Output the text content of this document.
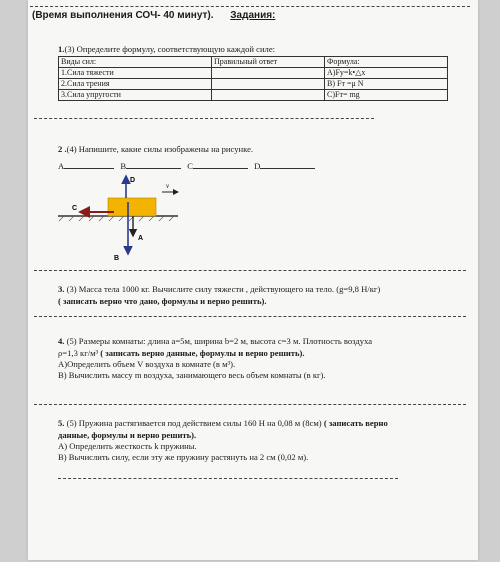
(Время выполнения СОЧ- 40 минут). Задания:
1.(3) Определите формулу, соответствующую каждой силе:
Виды сил:	Правильный ответ	Формула:
1.Сила тяжести		А)Fу=k•△x
2.Сила трения		В) Fт =μ N
3.Сила упругости		С)Fт= mg
2 .(4) Напишите, какие силы изображены на рисунке.
А	В	С	D
D
C
B
A
v
3. (3) Масса тела 1000 кг. Вычислите силу тяжести , действующего на тело. (g=9,8 Н/кг)
( записать верно что дано, формулы и верно решить).
4. (5) Размеры комнаты: длина а=5м, ширина b=2 м, высота с=3 м. Плотность воздуха
ρ=1,3 кг/м³ ( записать верно данные, формулы и верно решить).
А)Определить объем V воздуха в комнате (в м³).
В) Вычислить массу m воздуха, занимающего весь объем комнаты (в кг).
5. (5) Пружина растягивается под действием силы 160 Н на 0,08 м (8см) ( записать верно
данные, формулы и верно решить).
А) Определить жесткость k пружины.
В) Вычислить силу, если эту же пружину растянуть на 2 см (0,02 м).
